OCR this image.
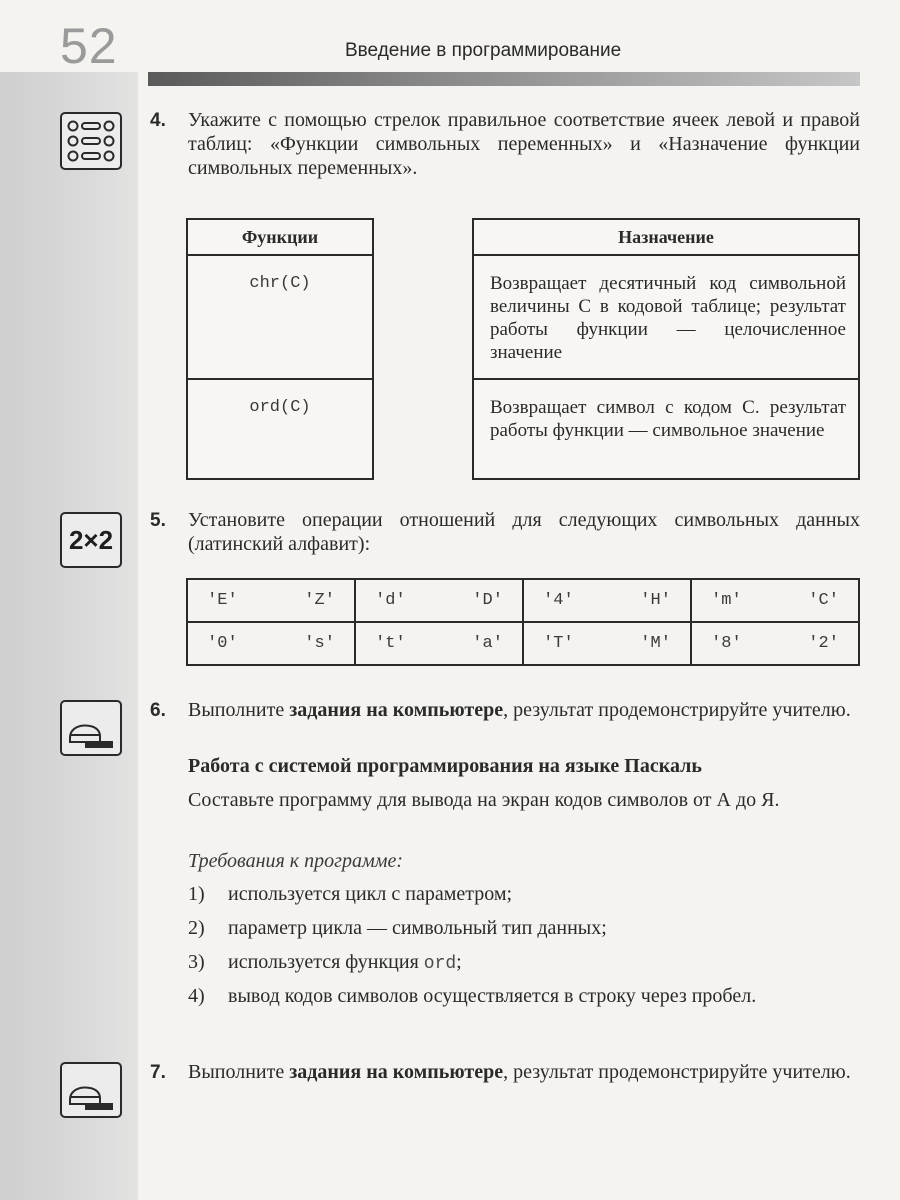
52	Введение в программирование
4. Укажите с помощью стрелок правильное соответствие ячеек левой и правой таблиц: «Функции символьных переменных» и «Назначение функции символьных переменных».
Функции
chr(C)
ord(C)
Назначение
Возвращает десятичный код символьной величины C в кодовой таблице; результат работы функции — целочисленное значение
Возвращает символ с кодом C. результат работы функции — символьное значение
2×2
5. Установите операции отношений для следующих символьных данных (латинский алфавит):
'E'   'Z'	'd'   'D'	'4'   'H'	'm'   'C'
'0'   's'	't'   'a'	'T'   'M'	'8'   '2'
6. Выполните задания на компьютере, результат продемонстрируйте учителю.
Работа с системой программирования на языке Паскаль
Составьте программу для вывода на экран кодов символов от А до Я.
Требования к программе:
1) используется цикл с параметром;
2) параметр цикла — символьный тип данных;
3) используется функция ord;
4) вывод кодов символов осуществляется в строку через пробел.
7. Выполните задания на компьютере, результат продемонстрируйте учителю.
